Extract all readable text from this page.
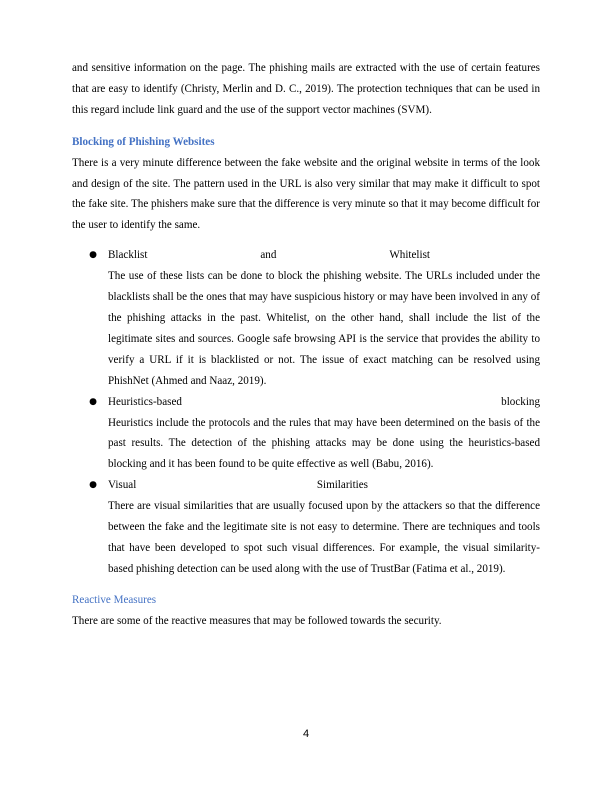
and sensitive information on the page. The phishing mails are extracted with the use of certain features that are easy to identify (Christy, Merlin and D. C., 2019). The protection techniques that can be used in this regard include link guard and the use of the support vector machines (SVM).

Blocking of Phishing Websites

There is a very minute difference between the fake website and the original website in terms of the look and design of the site. The pattern used in the URL is also very similar that may make it difficult to spot the fake site. The phishers make sure that the difference is very minute so that it may become difficult for the user to identify the same.

● Blacklist	and	Whitelist

The use of these lists can be done to block the phishing website. The URLs included under the blacklists shall be the ones that may have suspicious history or may have been involved in any of the phishing attacks in the past. Whitelist, on the other hand, shall include the list of the legitimate sites and sources. Google safe browsing API is the service that provides the ability to verify a URL if it is blacklisted or not. The issue of exact matching can be resolved using PhishNet (Ahmed and Naaz, 2019).

● Heuristics-based	blocking

Heuristics include the protocols and the rules that may have been determined on the basis of the past results. The detection of the phishing attacks may be done using the heuristics-based blocking and it has been found to be quite effective as well (Babu, 2016).

● Visual	Similarities

There are visual similarities that are usually focused upon by the attackers so that the difference between the fake and the legitimate site is not easy to determine. There are techniques and tools that have been developed to spot such visual differences. For example, the visual similarity-based phishing detection can be used along with the use of TrustBar (Fatima et al., 2019).

Reactive Measures

There are some of the reactive measures that may be followed towards the security.

4
